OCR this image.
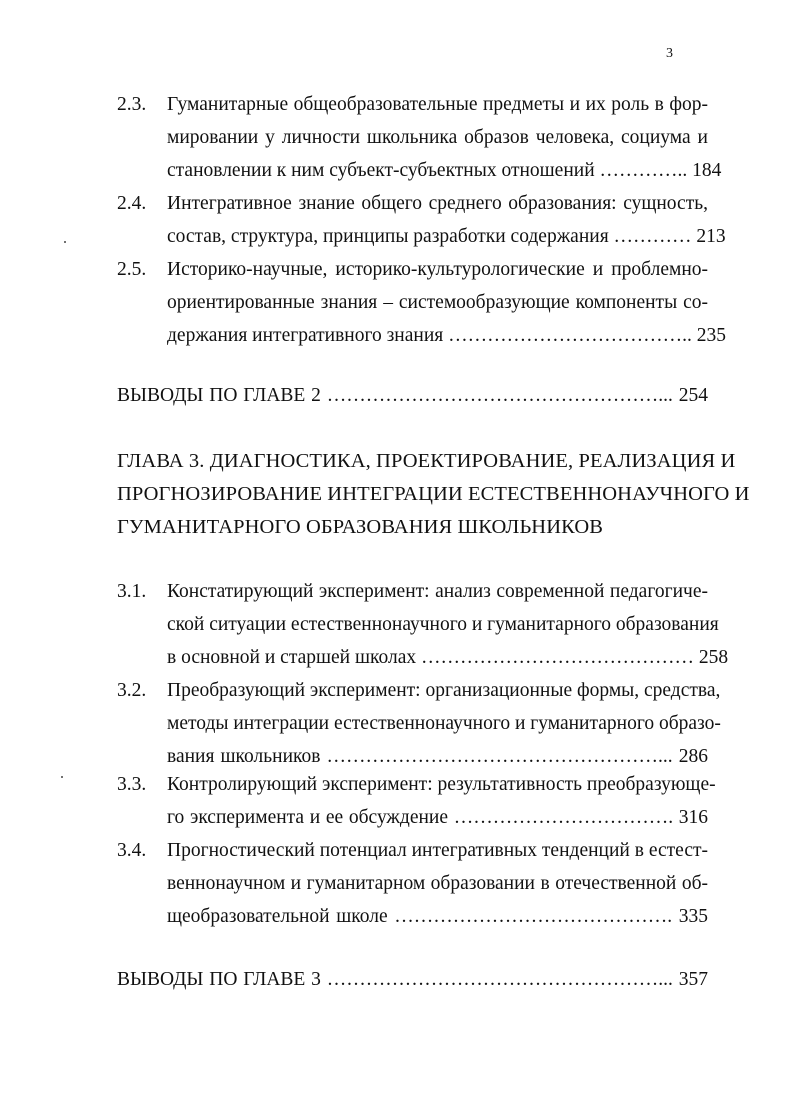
3
2.3. Гуманитарные общеобразовательные предметы и их роль в фор-
мировании у личности школьника образов человека, социума и
становлении к ним субъект-субъектных отношений ………….. 184
2.4. Интегративное знание общего среднего образования: сущность,
состав, структура, принципы разработки содержания ………… 213
2.5. Историко-научные, историко-культурологические и проблемно-
ориентированные знания – системообразующие компоненты со-
держания интегративного знания ……………………………….. 235
ВЫВОДЫ ПО ГЛАВЕ 2 ……………………………………………... 254
ГЛАВА 3. ДИАГНОСТИКА, ПРОЕКТИРОВАНИЕ, РЕАЛИЗАЦИЯ И
ПРОГНОЗИРОВАНИЕ ИНТЕГРАЦИИ ЕСТЕСТВЕННОНАУЧНОГО И
ГУМАНИТАРНОГО ОБРАЗОВАНИЯ ШКОЛЬНИКОВ
3.1. Констатирующий эксперимент: анализ современной педагогиче-
ской ситуации естественнонаучного и гуманитарного образования
в основной и старшей школах …………………………………… 258
3.2. Преобразующий эксперимент: организационные формы, средства,
методы интеграции естественнонаучного и гуманитарного образо-
вания школьников ……………………………………………... 286
3.3. Контролирующий эксперимент: результативность преобразующе-
го эксперимента и ее обсуждение ……………………………. 316
3.4. Прогностический потенциал интегративных тенденций в естест-
веннонаучном и гуманитарном образовании в отечественной об-
щеобразовательной школе ……………………………………. 335
ВЫВОДЫ ПО ГЛАВЕ 3 ……………………………………………... 357
